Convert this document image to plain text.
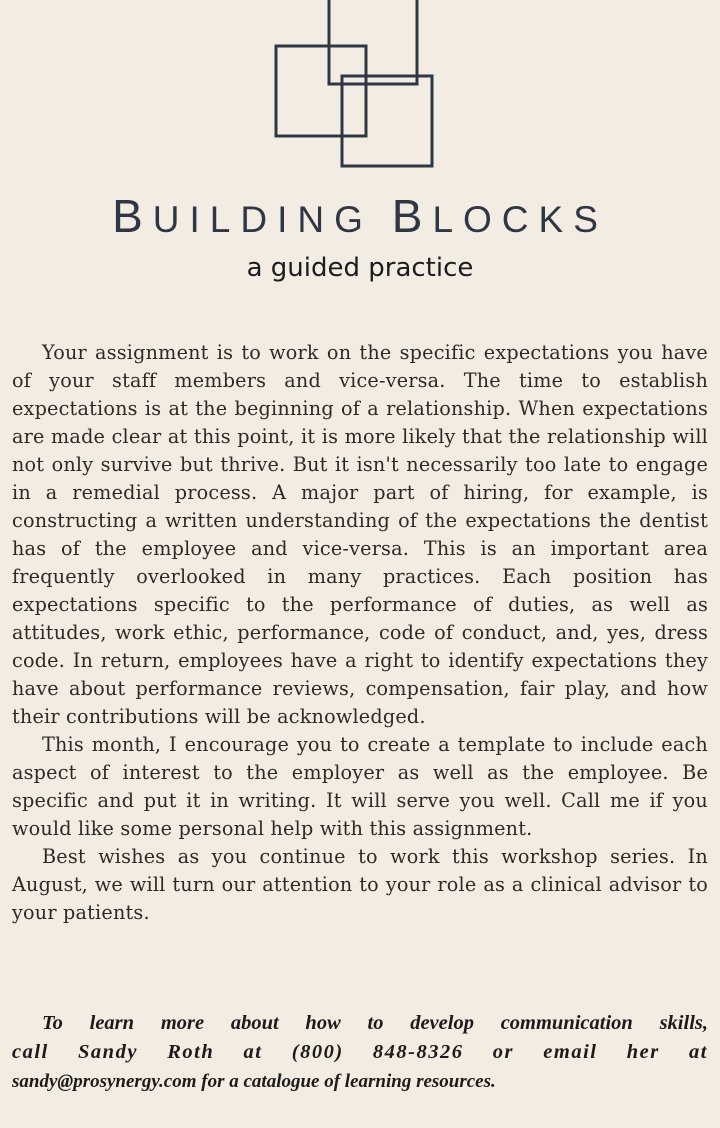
BUILDING BLOCKS
a guided practice

Your assignment is to work on the specific expectations you have of your staff members and vice-versa. The time to establish expectations is at the beginning of a relationship. When expectations are made clear at this point, it is more likely that the relationship will not only survive but thrive. But it isn't necessarily too late to engage in a remedial process. A major part of hiring, for example, is constructing a written understanding of the expectations the dentist has of the employee and vice-versa. This is an important area frequently overlooked in many practices. Each position has expectations specific to the performance of duties, as well as attitudes, work ethic, performance, code of conduct, and, yes, dress code. In return, employees have a right to identify expectations they have about performance reviews, compensation, fair play, and how their contributions will be acknowledged.

This month, I encourage you to create a template to include each aspect of interest to the employer as well as the employee. Be specific and put it in writing. It will serve you well. Call me if you would like some personal help with this assignment.

Best wishes as you continue to work this workshop series. In August, we will turn our attention to your role as a clinical advisor to your patients.

To learn more about how to develop communication skills,
call Sandy Roth at (800) 848-8326 or email her at
sandy@prosynergy.com for a catalogue of learning resources.
